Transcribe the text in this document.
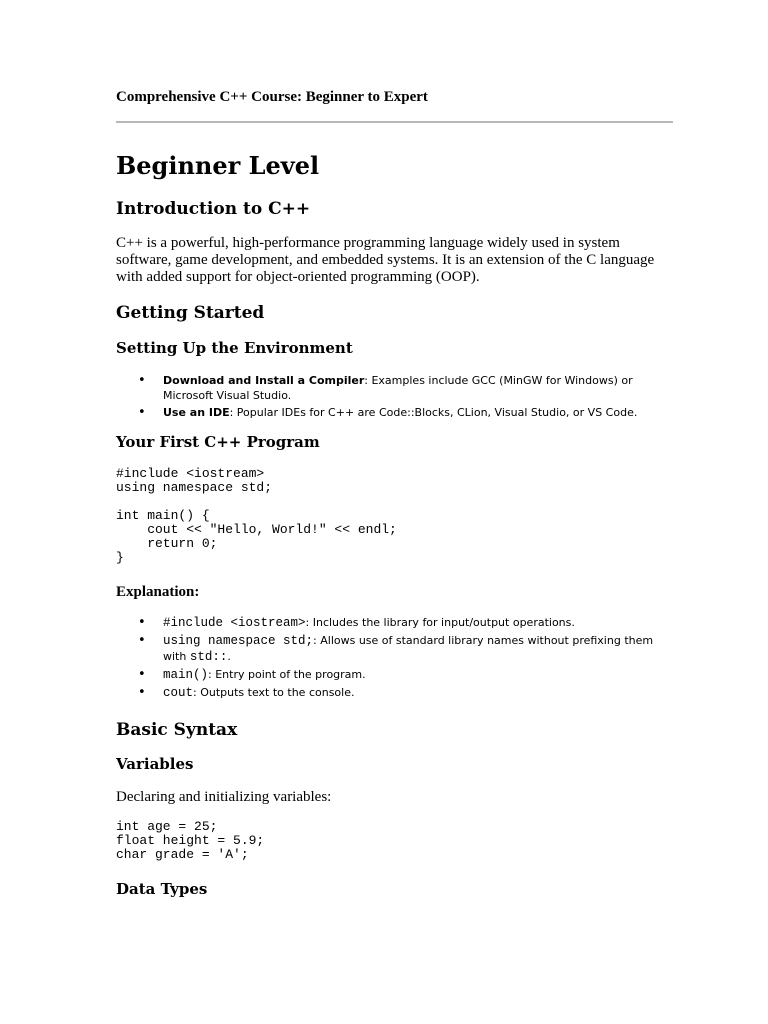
Comprehensive C++ Course: Beginner to Expert

Beginner Level
Introduction to C++

C++ is a powerful, high-performance programming language widely used in system software, game development, and embedded systems. It is an extension of the C language with added support for object-oriented programming (OOP).

Getting Started
Setting Up the Environment
• Download and Install a Compiler: Examples include GCC (MinGW for Windows) or Microsoft Visual Studio.
• Use an IDE: Popular IDEs for C++ are Code::Blocks, CLion, Visual Studio, or VS Code.
Your First C++ Program
#include <iostream>
using namespace std;

int main() {
cout << "Hello, World!" << endl;
return 0;
}
Explanation:
• #include <iostream>: Includes the library for input/output operations.
• using namespace std;: Allows use of standard library names without prefixing them with std::.
• main(): Entry point of the program.
• cout: Outputs text to the console.
Basic Syntax
Variables

Declaring and initializing variables:

int age = 25;
float height = 5.9;
char grade = 'A';
Data Types
